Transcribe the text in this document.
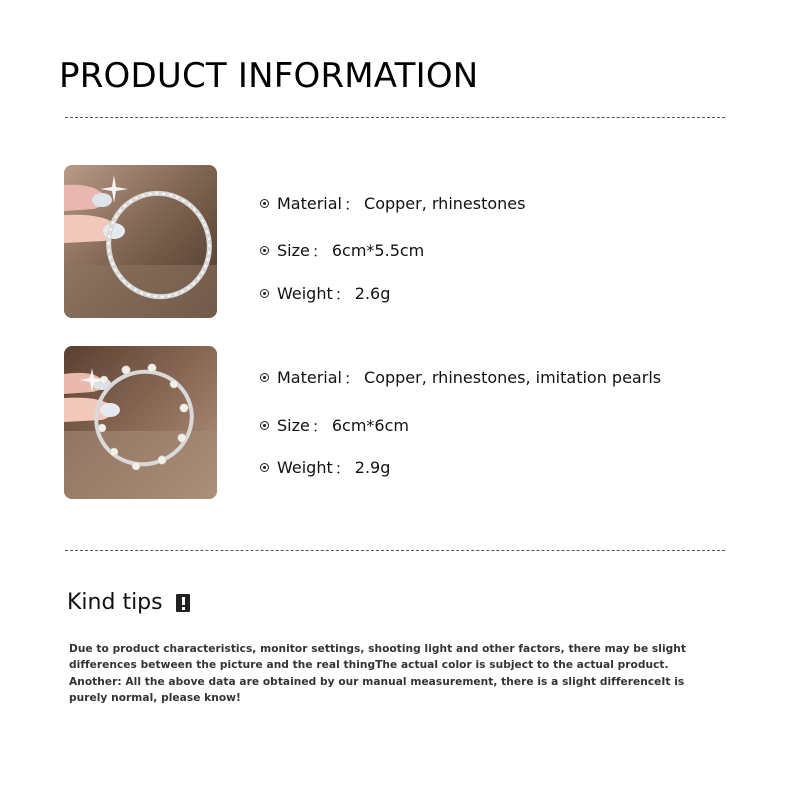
PRODUCT INFORMATION
Material ： Copper, rhinestones
Size ： 6cm*5.5cm
Weight ： 2.6g
Material ： Copper, rhinestones, imitation pearls
Size ： 6cm*6cm
Weight ： 2.9g
Kind tips
Due to product characteristics, monitor settings, shooting light and other factors, there may be slight
differences between the picture and the real thingThe actual color is subject to the actual product.
Another: All the above data are obtained by our manual measurement, there is a slight differenceIt is
purely normal, please know!
